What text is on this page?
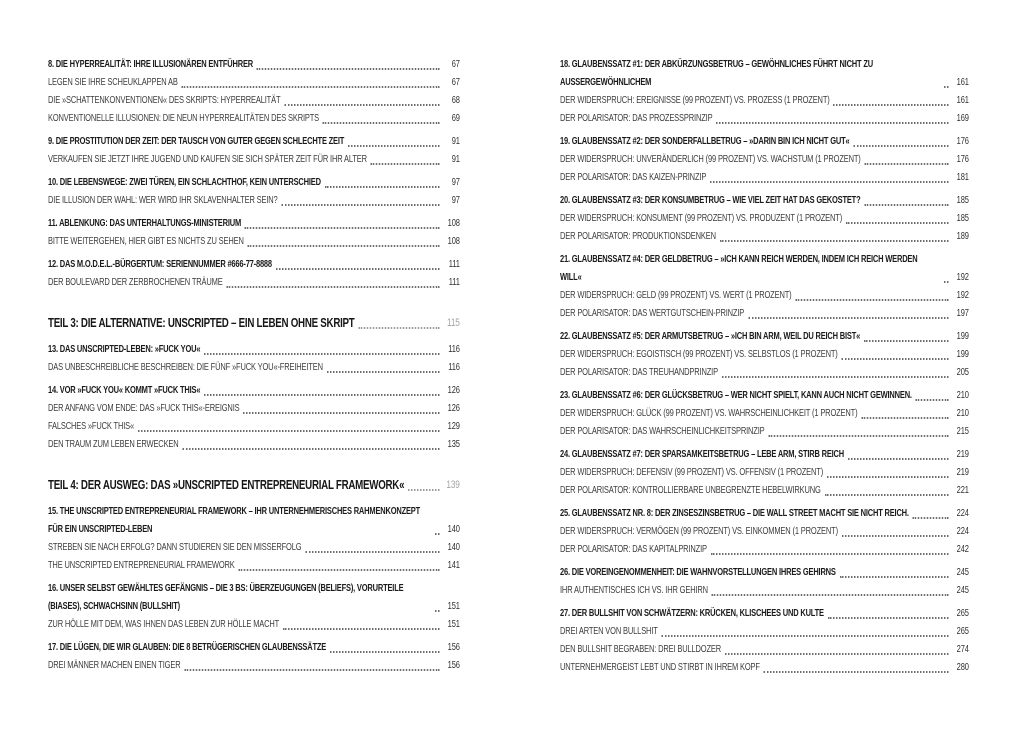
8. DIE HYPERREALITÄT: IHRE ILLUSIONÄREN ENTFÜHRER	67
LEGEN SIE IHRE SCHEUKLAPPEN AB	67
DIE »SCHATTENKONVENTIONEN« DES SKRIPTS: HYPERREALITÄT	68
KONVENTIONELLE ILLUSIONEN: DIE NEUN HYPERREALITÄTEN DES SKRIPTS	69
9. DIE PROSTITUTION DER ZEIT: DER TAUSCH VON GUTER GEGEN SCHLECHTE ZEIT	91
VERKAUFEN SIE JETZT IHRE JUGEND UND KAUFEN SIE SICH SPÄTER ZEIT FÜR IHR ALTER	91
10. DIE LEBENSWEGE: ZWEI TÜREN, EIN SCHLACHTHOF, KEIN UNTERSCHIED	97
DIE ILLUSION DER WAHL: WER WIRD IHR SKLAVENHALTER SEIN?	97
11. ABLENKUNG: DAS UNTERHALTUNGS-MINISTERIUM	108
BITTE WEITERGEHEN, HIER GIBT ES NICHTS ZU SEHEN	108
12. DAS M.O.D.E.L.-BÜRGERTUM: SERIENNUMMER #666-77-8888	111
DER BOULEVARD DER ZERBROCHENEN TRÄUME	111
TEIL 3: DIE ALTERNATIVE: UNSCRIPTED – EIN LEBEN OHNE SKRIPT	115
13. DAS UNSCRIPTED-LEBEN: »FUCK YOU«	116
DAS UNBESCHREIBLICHE BESCHREIBEN: DIE FÜNF »FUCK YOU«-FREIHEITEN	116
14. VOR »FUCK YOU« KOMMT »FUCK THIS«	126
DER ANFANG VOM ENDE: DAS »FUCK THIS«-EREIGNIS	126
FALSCHES »FUCK THIS«	129
DEN TRAUM ZUM LEBEN ERWECKEN	135
TEIL 4: DER AUSWEG: DAS »UNSCRIPTED ENTREPRENEURIAL FRAMEWORK«	139
15. THE UNSCRIPTED ENTREPRENEURIAL FRAMEWORK – IHR UNTERNEHMERISCHES RAHMENKONZEPT FÜR EIN UNSCRIPTED-LEBEN	140
STREBEN SIE NACH ERFOLG? DANN STUDIEREN SIE DEN MISSERFOLG	140
THE UNSCRIPTED ENTREPRENEURIAL FRAMEWORK	141
16. UNSER SELBST GEWÄHLTES GEFÄNGNIS – DIE 3 BS: ÜBERZEUGUNGEN (BELIEFS), VORURTEILE (BIASES), SCHWACHSINN (BULLSHIT)	151
ZUR HÖLLE MIT DEM, WAS IHNEN DAS LEBEN ZUR HÖLLE MACHT	151
17. DIE LÜGEN, DIE WIR GLAUBEN: DIE 8 BETRÜGERISCHEN GLAUBENSSÄTZE	156
DREI MÄNNER MACHEN EINEN TIGER	156
18. GLAUBENSSATZ #1: DER ABKÜRZUNGSBETRUG – GEWÖHNLICHES FÜHRT NICHT ZU AUSSERGEWÖHNLICHEM	161
DER WIDERSPRUCH: EREIGNISSE (99 PROZENT) VS. PROZESS (1 PROZENT)	161
DER POLARISATOR: DAS PROZESSPRINZIP	169
19. GLAUBENSSATZ #2: DER SONDERFALLBETRUG – »DARIN BIN ICH NICHT GUT«	176
DER WIDERSPRUCH: UNVERÄNDERLICH (99 PROZENT) VS. WACHSTUM (1 PROZENT)	176
DER POLARISATOR: DAS KAIZEN-PRINZIP	181
20. GLAUBENSSATZ #3: DER KONSUMBETRUG – WIE VIEL ZEIT HAT DAS GEKOSTET?	185
DER WIDERSPRUCH: KONSUMENT (99 PROZENT) VS. PRODUZENT (1 PROZENT)	185
DER POLARISATOR: PRODUKTIONSDENKEN	189
21. GLAUBENSSATZ #4: DER GELDBETRUG – »ICH KANN REICH WERDEN, INDEM ICH REICH WERDEN WILL«	192
DER WIDERSPRUCH: GELD (99 PROZENT) VS. WERT (1 PROZENT)	192
DER POLARISATOR: DAS WERTGUTSCHEIN-PRINZIP	197
22. GLAUBENSSATZ #5: DER ARMUTSBETRUG – »ICH BIN ARM, WEIL DU REICH BIST«	199
DER WIDERSPRUCH: EGOISTISCH (99 PROZENT) VS. SELBSTLOS (1 PROZENT)	199
DER POLARISATOR: DAS TREUHANDPRINZIP	205
23. GLAUBENSSATZ #6: DER GLÜCKSBETRUG – WER NICHT SPIELT, KANN AUCH NICHT GEWINNEN.	210
DER WIDERSPRUCH: GLÜCK (99 PROZENT) VS. WAHRSCHEINLICHKEIT (1 PROZENT)	210
DER POLARISATOR: DAS WAHRSCHEINLICHKEITSPRINZIP	215
24. GLAUBENSSATZ #7: DER SPARSAMKEITSBETRUG – LEBE ARM, STIRB REICH	219
DER WIDERSPRUCH: DEFENSIV (99 PROZENT) VS. OFFENSIV (1 PROZENT)	219
DER POLARISATOR: KONTROLLIERBARE UNBEGRENZTE HEBELWIRKUNG	221
25. GLAUBENSSATZ NR. 8: DER ZINSESZINSBETRUG – DIE WALL STREET MACHT SIE NICHT REICH.	224
DER WIDERSPRUCH: VERMÖGEN (99 PROZENT) VS. EINKOMMEN (1 PROZENT)	224
DER POLARISATOR: DAS KAPITALPRINZIP	242
26. DIE VOREINGENOMMENHEIT: DIE WAHNVORSTELLUNGEN IHRES GEHIRNS	245
IHR AUTHENTISCHES ICH VS. IHR GEHIRN	245
27. DER BULLSHIT VON SCHWÄTZERN: KRÜCKEN, KLISCHEES UND KULTE	265
DREI ARTEN VON BULLSHIT	265
DEN BULLSHIT BEGRABEN: DREI BULLDOZER	274
UNTERNEHMERGEIST LEBT UND STIRBT IN IHREM KOPF	280
